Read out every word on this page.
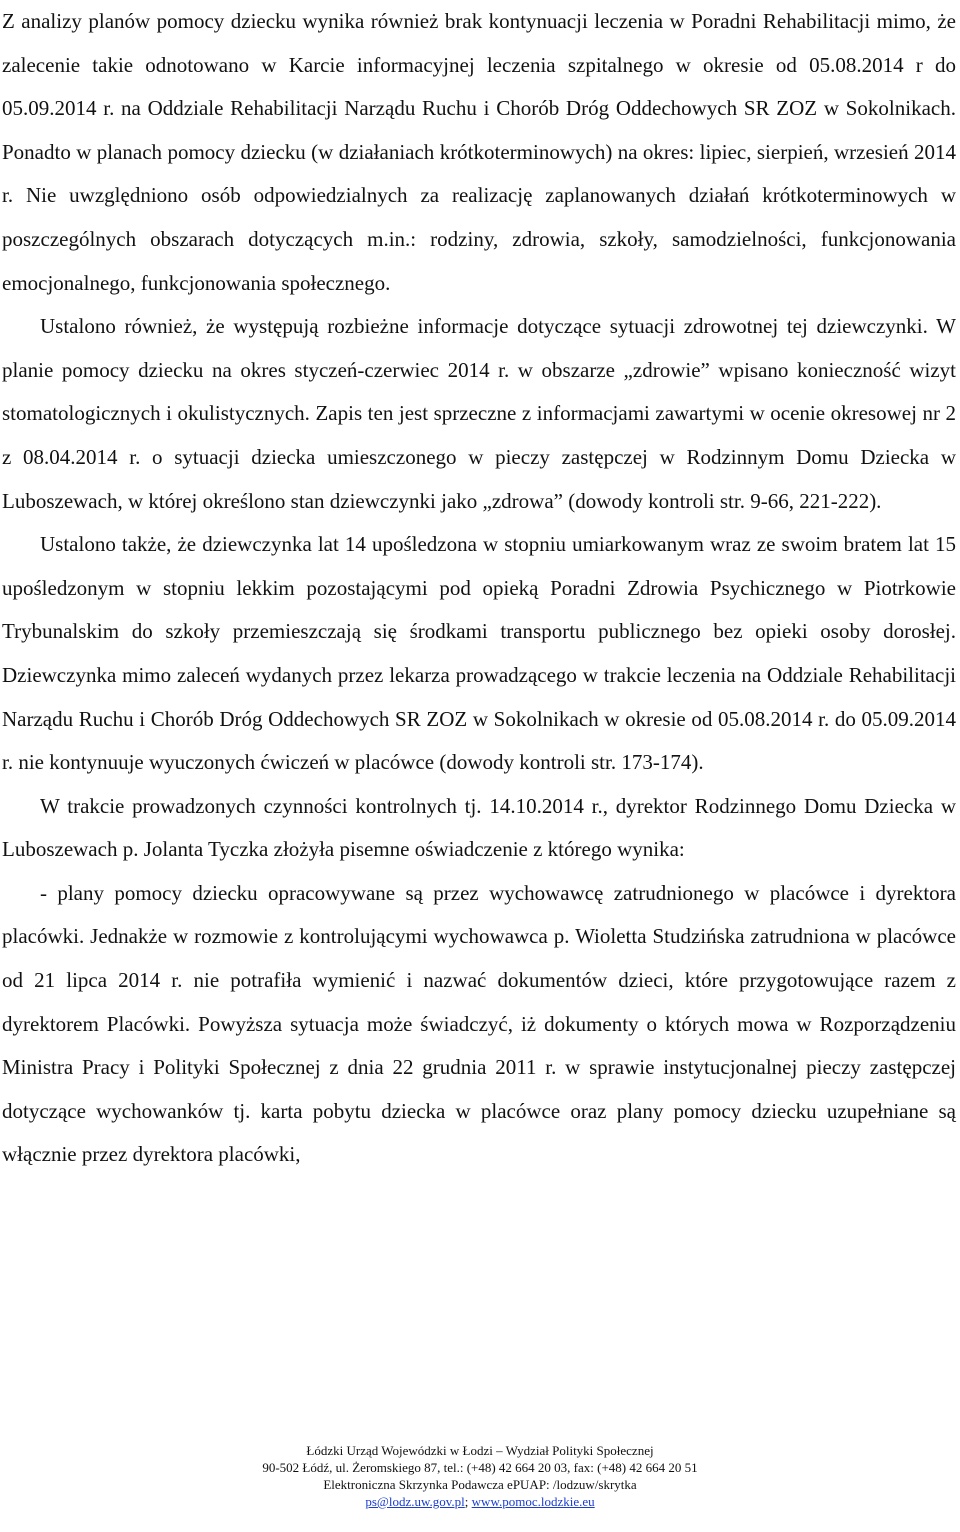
Z analizy planów pomocy dziecku wynika również brak kontynuacji leczenia w Poradni Rehabilitacji mimo, że zalecenie takie odnotowano w Karcie informacyjnej leczenia szpitalnego w okresie od 05.08.2014 r do 05.09.2014 r. na Oddziale Rehabilitacji Narządu Ruchu i Chorób Dróg Oddechowych SR ZOZ w Sokolnikach. Ponadto w planach pomocy dziecku (w działaniach krótkoterminowych) na okres: lipiec, sierpień, wrzesień 2014 r. Nie uwzględniono osób odpowiedzialnych za realizację zaplanowanych działań krótkoterminowych w poszczególnych obszarach dotyczących m.in.: rodziny, zdrowia, szkoły, samodzielności, funkcjonowania emocjonalnego, funkcjonowania społecznego.

Ustalono również, że występują rozbieżne informacje dotyczące sytuacji zdrowotnej tej dziewczynki. W planie pomocy dziecku na okres styczeń-czerwiec 2014 r. w obszarze „zdrowie” wpisano konieczność wizyt stomatologicznych i okulistycznych. Zapis ten jest sprzeczne z informacjami zawartymi w ocenie okresowej nr 2 z 08.04.2014 r. o sytuacji dziecka umieszczonego w pieczy zastępczej w Rodzinnym Domu Dziecka w Luboszewach, w której określono stan dziewczynki jako „zdrowa” (dowody kontroli str. 9-66, 221-222).

Ustalono także, że dziewczynka lat 14 upośledzona w stopniu umiarkowanym wraz ze swoim bratem lat 15 upośledzonym w stopniu lekkim pozostającymi pod opieką Poradni Zdrowia Psychicznego w Piotrkowie Trybunalskim do szkoły przemieszczają się środkami transportu publicznego bez opieki osoby dorosłej. Dziewczynka mimo zaleceń wydanych przez lekarza prowadzącego w trakcie leczenia na Oddziale Rehabilitacji Narządu Ruchu i Chorób Dróg Oddechowych SR ZOZ w Sokolnikach w okresie od 05.08.2014 r. do 05.09.2014 r. nie kontynuuje wyuczonych ćwiczeń w placówce (dowody kontroli str. 173-174).

W trakcie prowadzonych czynności kontrolnych tj. 14.10.2014 r., dyrektor Rodzinnego Domu Dziecka w Luboszewach p. Jolanta Tyczka złożyła pisemne oświadczenie z którego wynika:

- plany pomocy dziecku opracowywane są przez wychowawcę zatrudnionego w placówce i dyrektora placówki. Jednakże w rozmowie z kontrolującymi wychowawca p. Wioletta Studzińska zatrudniona w placówce od 21 lipca 2014 r. nie potrafiła wymienić i nazwać dokumentów dzieci, które przygotowujące razem z dyrektorem Placówki. Powyższa sytuacja może świadczyć, iż dokumenty o których mowa w Rozporządzeniu Ministra Pracy i Polityki Społecznej z dnia 22 grudnia 2011 r. w sprawie instytucjonalnej pieczy zastępczej dotyczące wychowanków tj. karta pobytu dziecka w placówce oraz plany pomocy dziecku uzupełniane są włącznie przez dyrektora placówki,

Łódzki Urząd Wojewódzki w Łodzi – Wydział Polityki Społecznej
90-502 Łódź, ul. Żeromskiego 87, tel.: (+48) 42 664 20 03, fax: (+48) 42 664 20 51
Elektroniczna Skrzynka Podawcza ePUAP: /lodzuw/skrytka
ps@lodz.uw.gov.pl; www.pomoc.lodzkie.eu
